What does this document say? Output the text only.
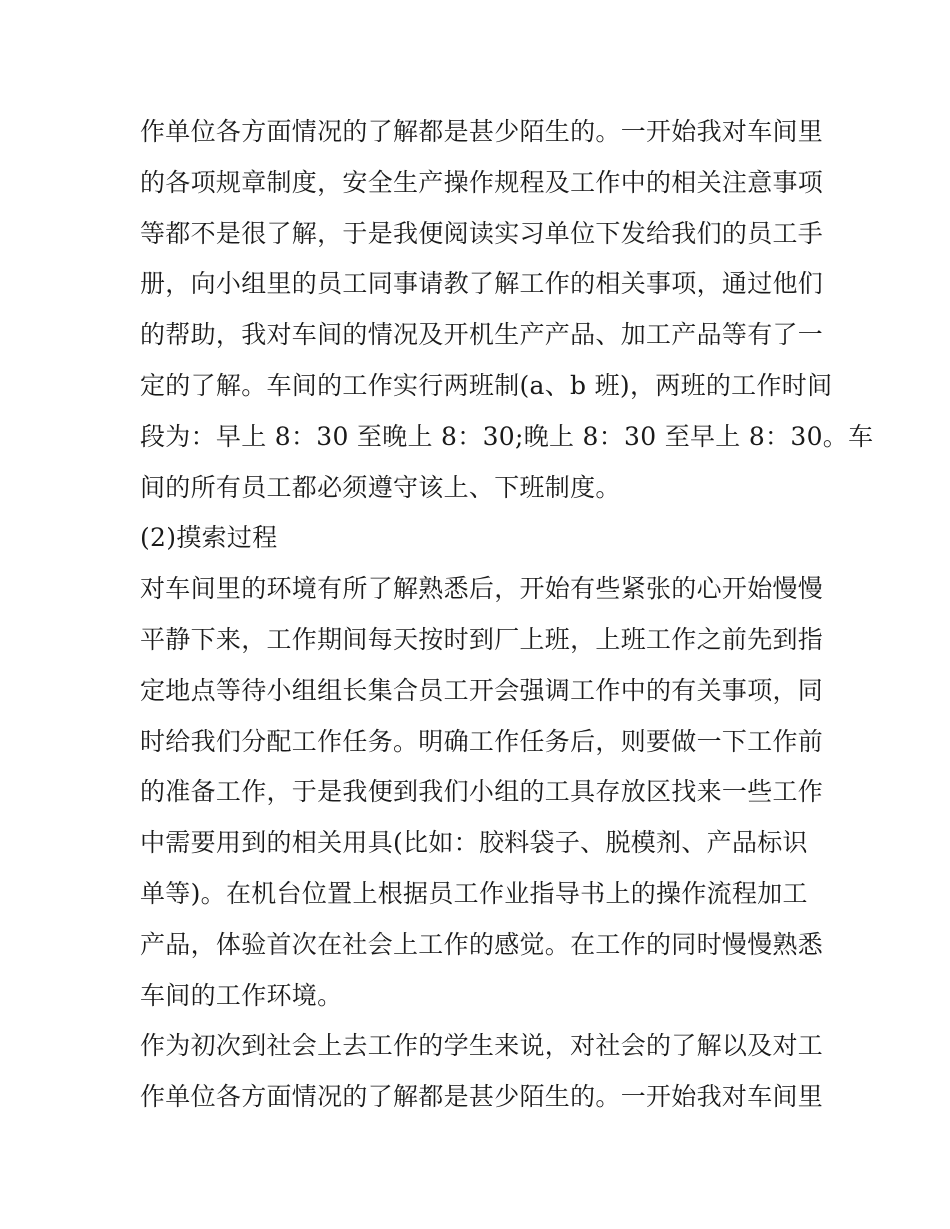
作单位各方面情况的了解都是甚少陌生的。一开始我对车间里
的各项规章制度，安全生产操作规程及工作中的相关注意事项
等都不是很了解，于是我便阅读实习单位下发给我们的员工手
册，向小组里的员工同事请教了解工作的相关事项，通过他们
的帮助，我对车间的情况及开机生产产品、加工产品等有了一
定的了解。车间的工作实行两班制(a、b 班)，两班的工作时间
段为：早上 8：30 至晚上 8：30;晚上 8：30 至早上 8：30。车
间的所有员工都必须遵守该上、下班制度。
(2)摸索过程
对车间里的环境有所了解熟悉后，开始有些紧张的心开始慢慢
平静下来，工作期间每天按时到厂上班，上班工作之前先到指
定地点等待小组组长集合员工开会强调工作中的有关事项，同
时给我们分配工作任务。明确工作任务后，则要做一下工作前
的准备工作，于是我便到我们小组的工具存放区找来一些工作
中需要用到的相关用具(比如：胶料袋子、脱模剂、产品标识
单等)。在机台位置上根据员工作业指导书上的操作流程加工
产品，体验首次在社会上工作的感觉。在工作的同时慢慢熟悉
车间的工作环境。
作为初次到社会上去工作的学生来说，对社会的了解以及对工
作单位各方面情况的了解都是甚少陌生的。一开始我对车间里
